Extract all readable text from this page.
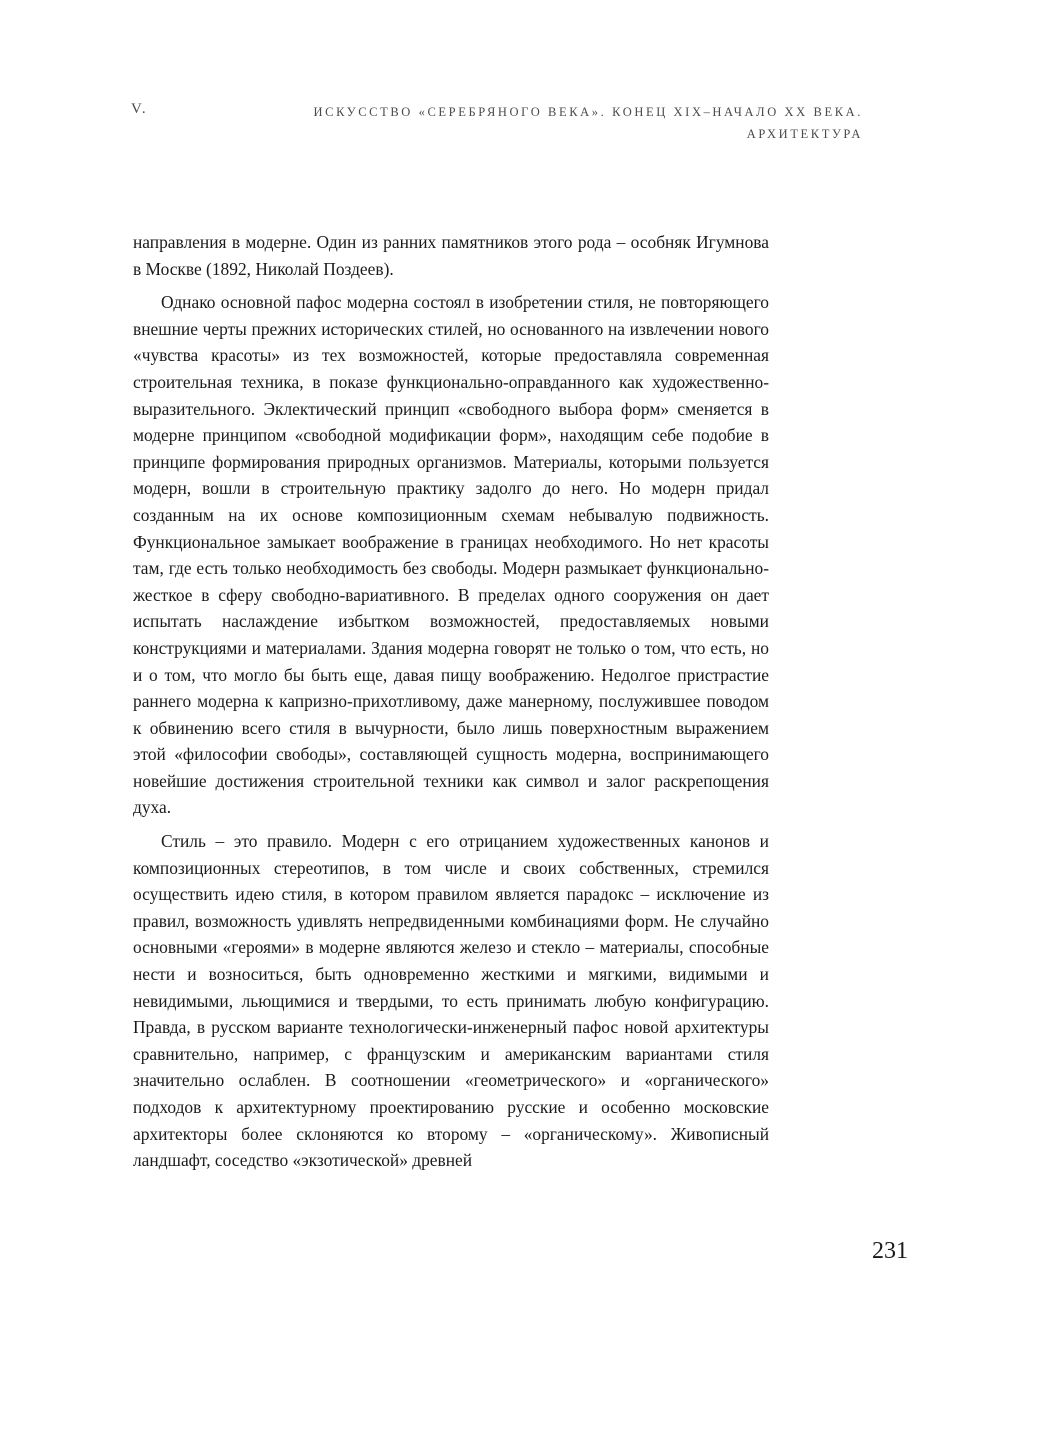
V.	ИСКУССТВО «СЕРЕБРЯНОГО ВЕКА». КОНЕЦ XIX–НАЧАЛО XX ВЕКА.
АРХИТЕКТУРА

направления в модерне. Один из ранних памятников этого рода – особняк Игумнова в Москве (1892, Николай Поздеев).

Однако основной пафос модерна состоял в изобретении стиля, не повторяющего внешние черты прежних исторических стилей, но основанного на извлечении нового «чувства красоты» из тех возможностей, которые предоставляла современная строительная техника, в показе функционально-оправданного как художественно-выразительного. Эклектический принцип «свободного выбора форм» сменяется в модерне принципом «свободной модификации форм», находящим себе подобие в принципе формирования природных организмов. Материалы, которыми пользуется модерн, вошли в строительную практику задолго до него. Но модерн придал созданным на их основе композиционным схемам небывалую подвижность. Функциональное замыкает воображение в границах необходимого. Но нет красоты там, где есть только необходимость без свободы. Модерн размыкает функционально-жесткое в сферу свободно-вариативного. В пределах одного сооружения он дает испытать наслаждение избытком возможностей, предоставляемых новыми конструкциями и материалами. Здания модерна говорят не только о том, что есть, но и о том, что могло бы быть еще, давая пищу воображению. Недолгое пристрастие раннего модерна к капризно-прихотливому, даже манерному, послужившее поводом к обвинению всего стиля в вычурности, было лишь поверхностным выражением этой «философии свободы», составляющей сущность модерна, воспринимающего новейшие достижения строительной техники как символ и залог раскрепощения духа.

Стиль – это правило. Модерн с его отрицанием художественных канонов и композиционных стереотипов, в том числе и своих собственных, стремился осуществить идею стиля, в котором правилом является парадокс – исключение из правил, возможность удивлять непредвиденными комбинациями форм. Не случайно основными «героями» в модерне являются железо и стекло – материалы, способные нести и возноситься, быть одновременно жесткими и мягкими, видимыми и невидимыми, льющимися и твердыми, то есть принимать любую конфигурацию. Правда, в русском варианте технологически-инженерный пафос новой архитектуры сравнительно, например, с французским и американским вариантами стиля значительно ослаблен. В соотношении «геометрического» и «органического» подходов к архитектурному проектированию русские и особенно московские архитекторы более склоняются ко второму – «органическому». Живописный ландшафт, соседство «экзотической» древней

231
